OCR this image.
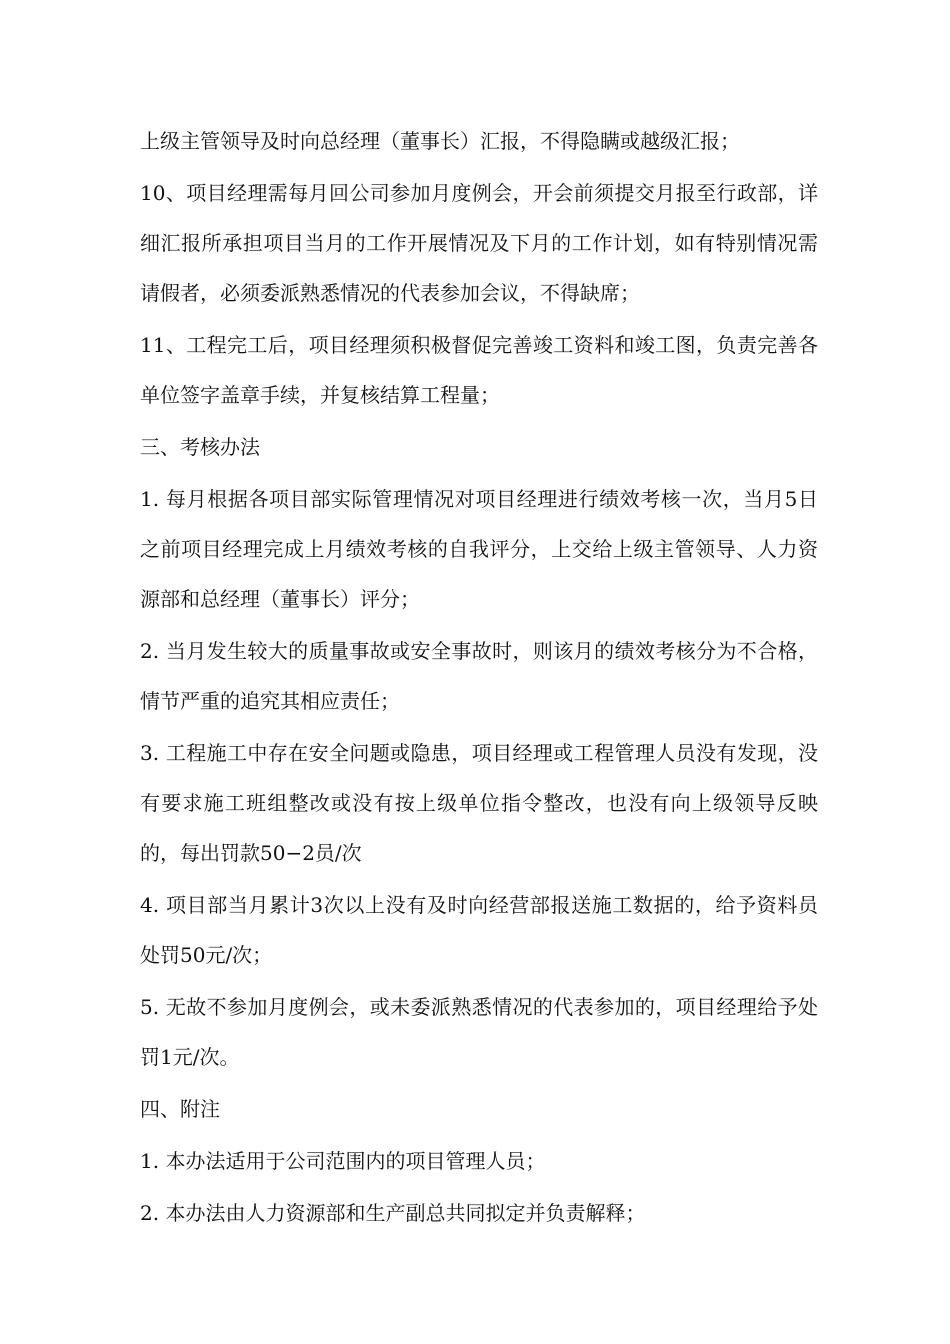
上级主管领导及时向总经理（董事长）汇报，不得隐瞒或越级汇报；

10、项目经理需每月回公司参加月度例会，开会前须提交月报至行政部，详细汇报所承担项目当月的工作开展情况及下月的工作计划，如有特别情况需请假者，必须委派熟悉情况的代表参加会议，不得缺席；

11、工程完工后，项目经理须积极督促完善竣工资料和竣工图，负责完善各单位签字盖章手续，并复核结算工程量；

三、考核办法

1. 每月根据各项目部实际管理情况对项目经理进行绩效考核一次，当月5日之前项目经理完成上月绩效考核的自我评分，上交给上级主管领导、人力资源部和总经理（董事长）评分；

2. 当月发生较大的质量事故或安全事故时，则该月的绩效考核分为不合格，情节严重的追究其相应责任；

3. 工程施工中存在安全问题或隐患，项目经理或工程管理人员没有发现，没有要求施工班组整改或没有按上级单位指令整改，也没有向上级领导反映的，每出罚款50−2员/次

4. 项目部当月累计3次以上没有及时向经营部报送施工数据的，给予资料员处罚50元/次；

5. 无故不参加月度例会，或未委派熟悉情况的代表参加的，项目经理给予处罚1元/次。

四、附注

1. 本办法适用于公司范围内的项目管理人员；

2. 本办法由人力资源部和生产副总共同拟定并负责解释；
